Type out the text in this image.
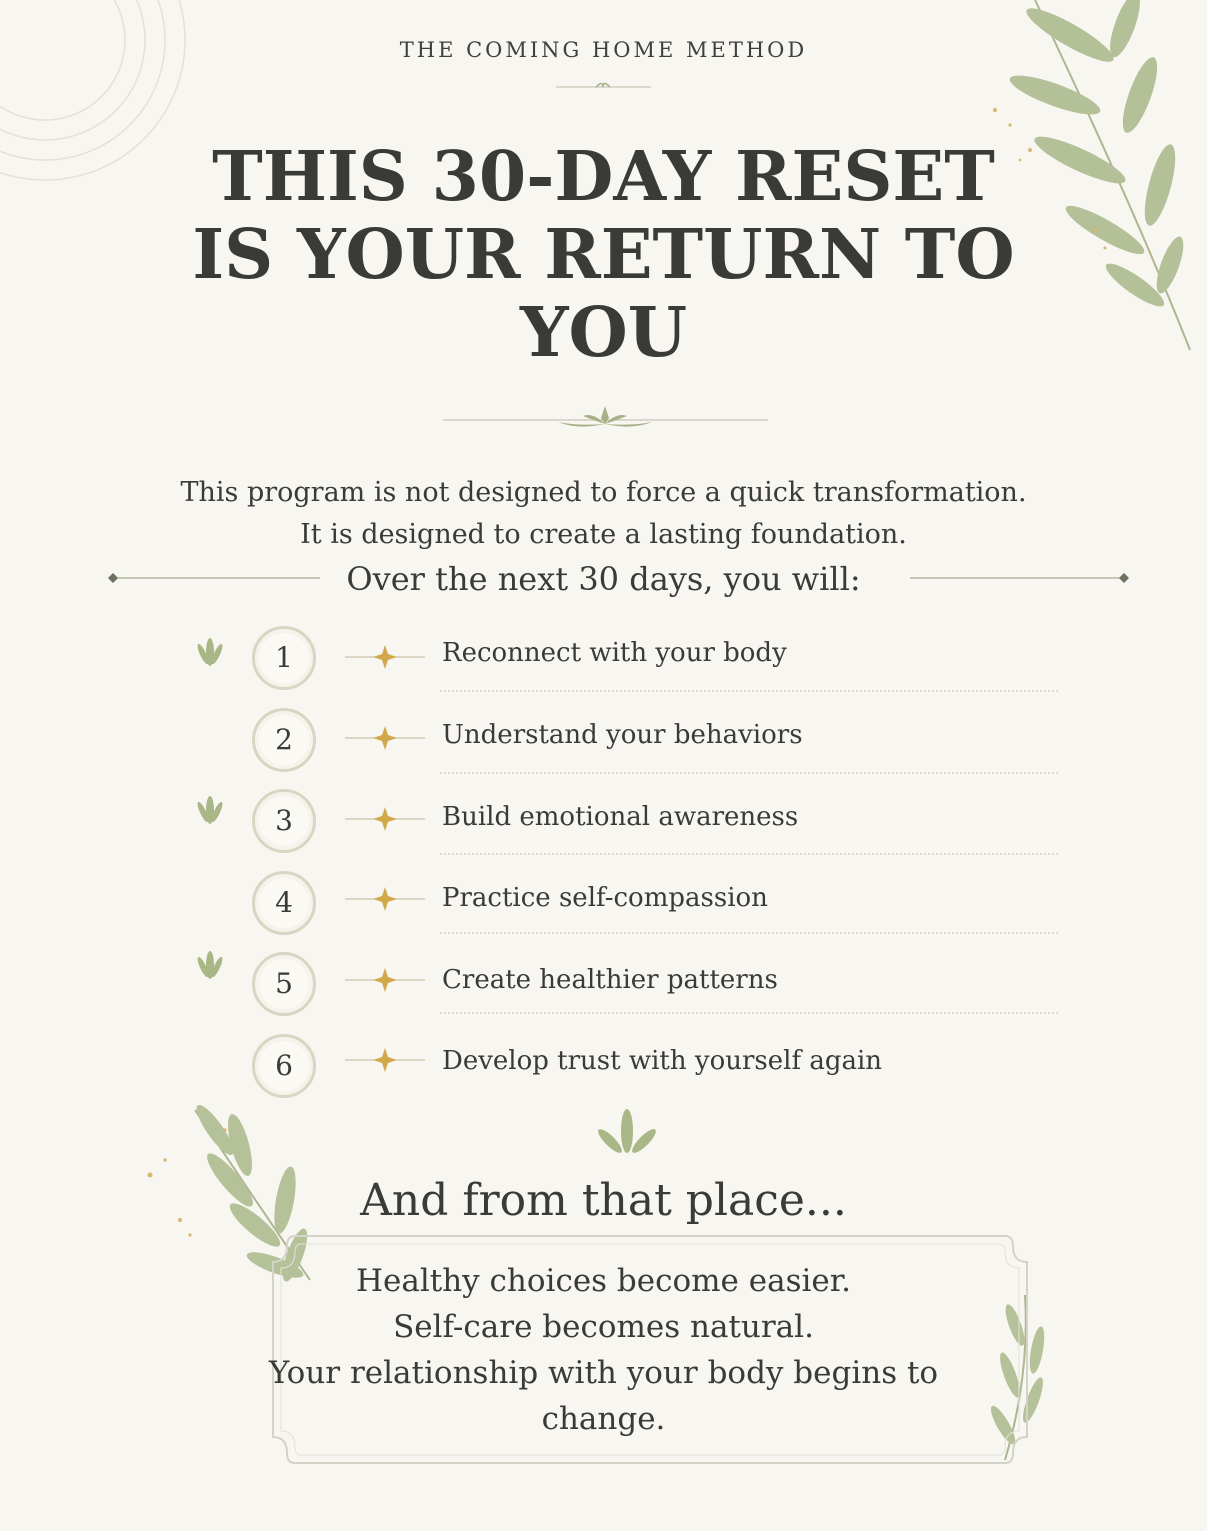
THE COMING HOME METHOD
THIS 30-DAY RESET
IS YOUR RETURN TO
YOU
This program is not designed to force a quick transformation.
It is designed to create a lasting foundation.
Over the next 30 days, you will:
1	Reconnect with your body
2	Understand your behaviors
3	Build emotional awareness
4	Practice self-compassion
5	Create healthier patterns
6	Develop trust with yourself again
And from that place...
Healthy choices become easier.
Self-care becomes natural.
Your relationship with your body begins to
change.
